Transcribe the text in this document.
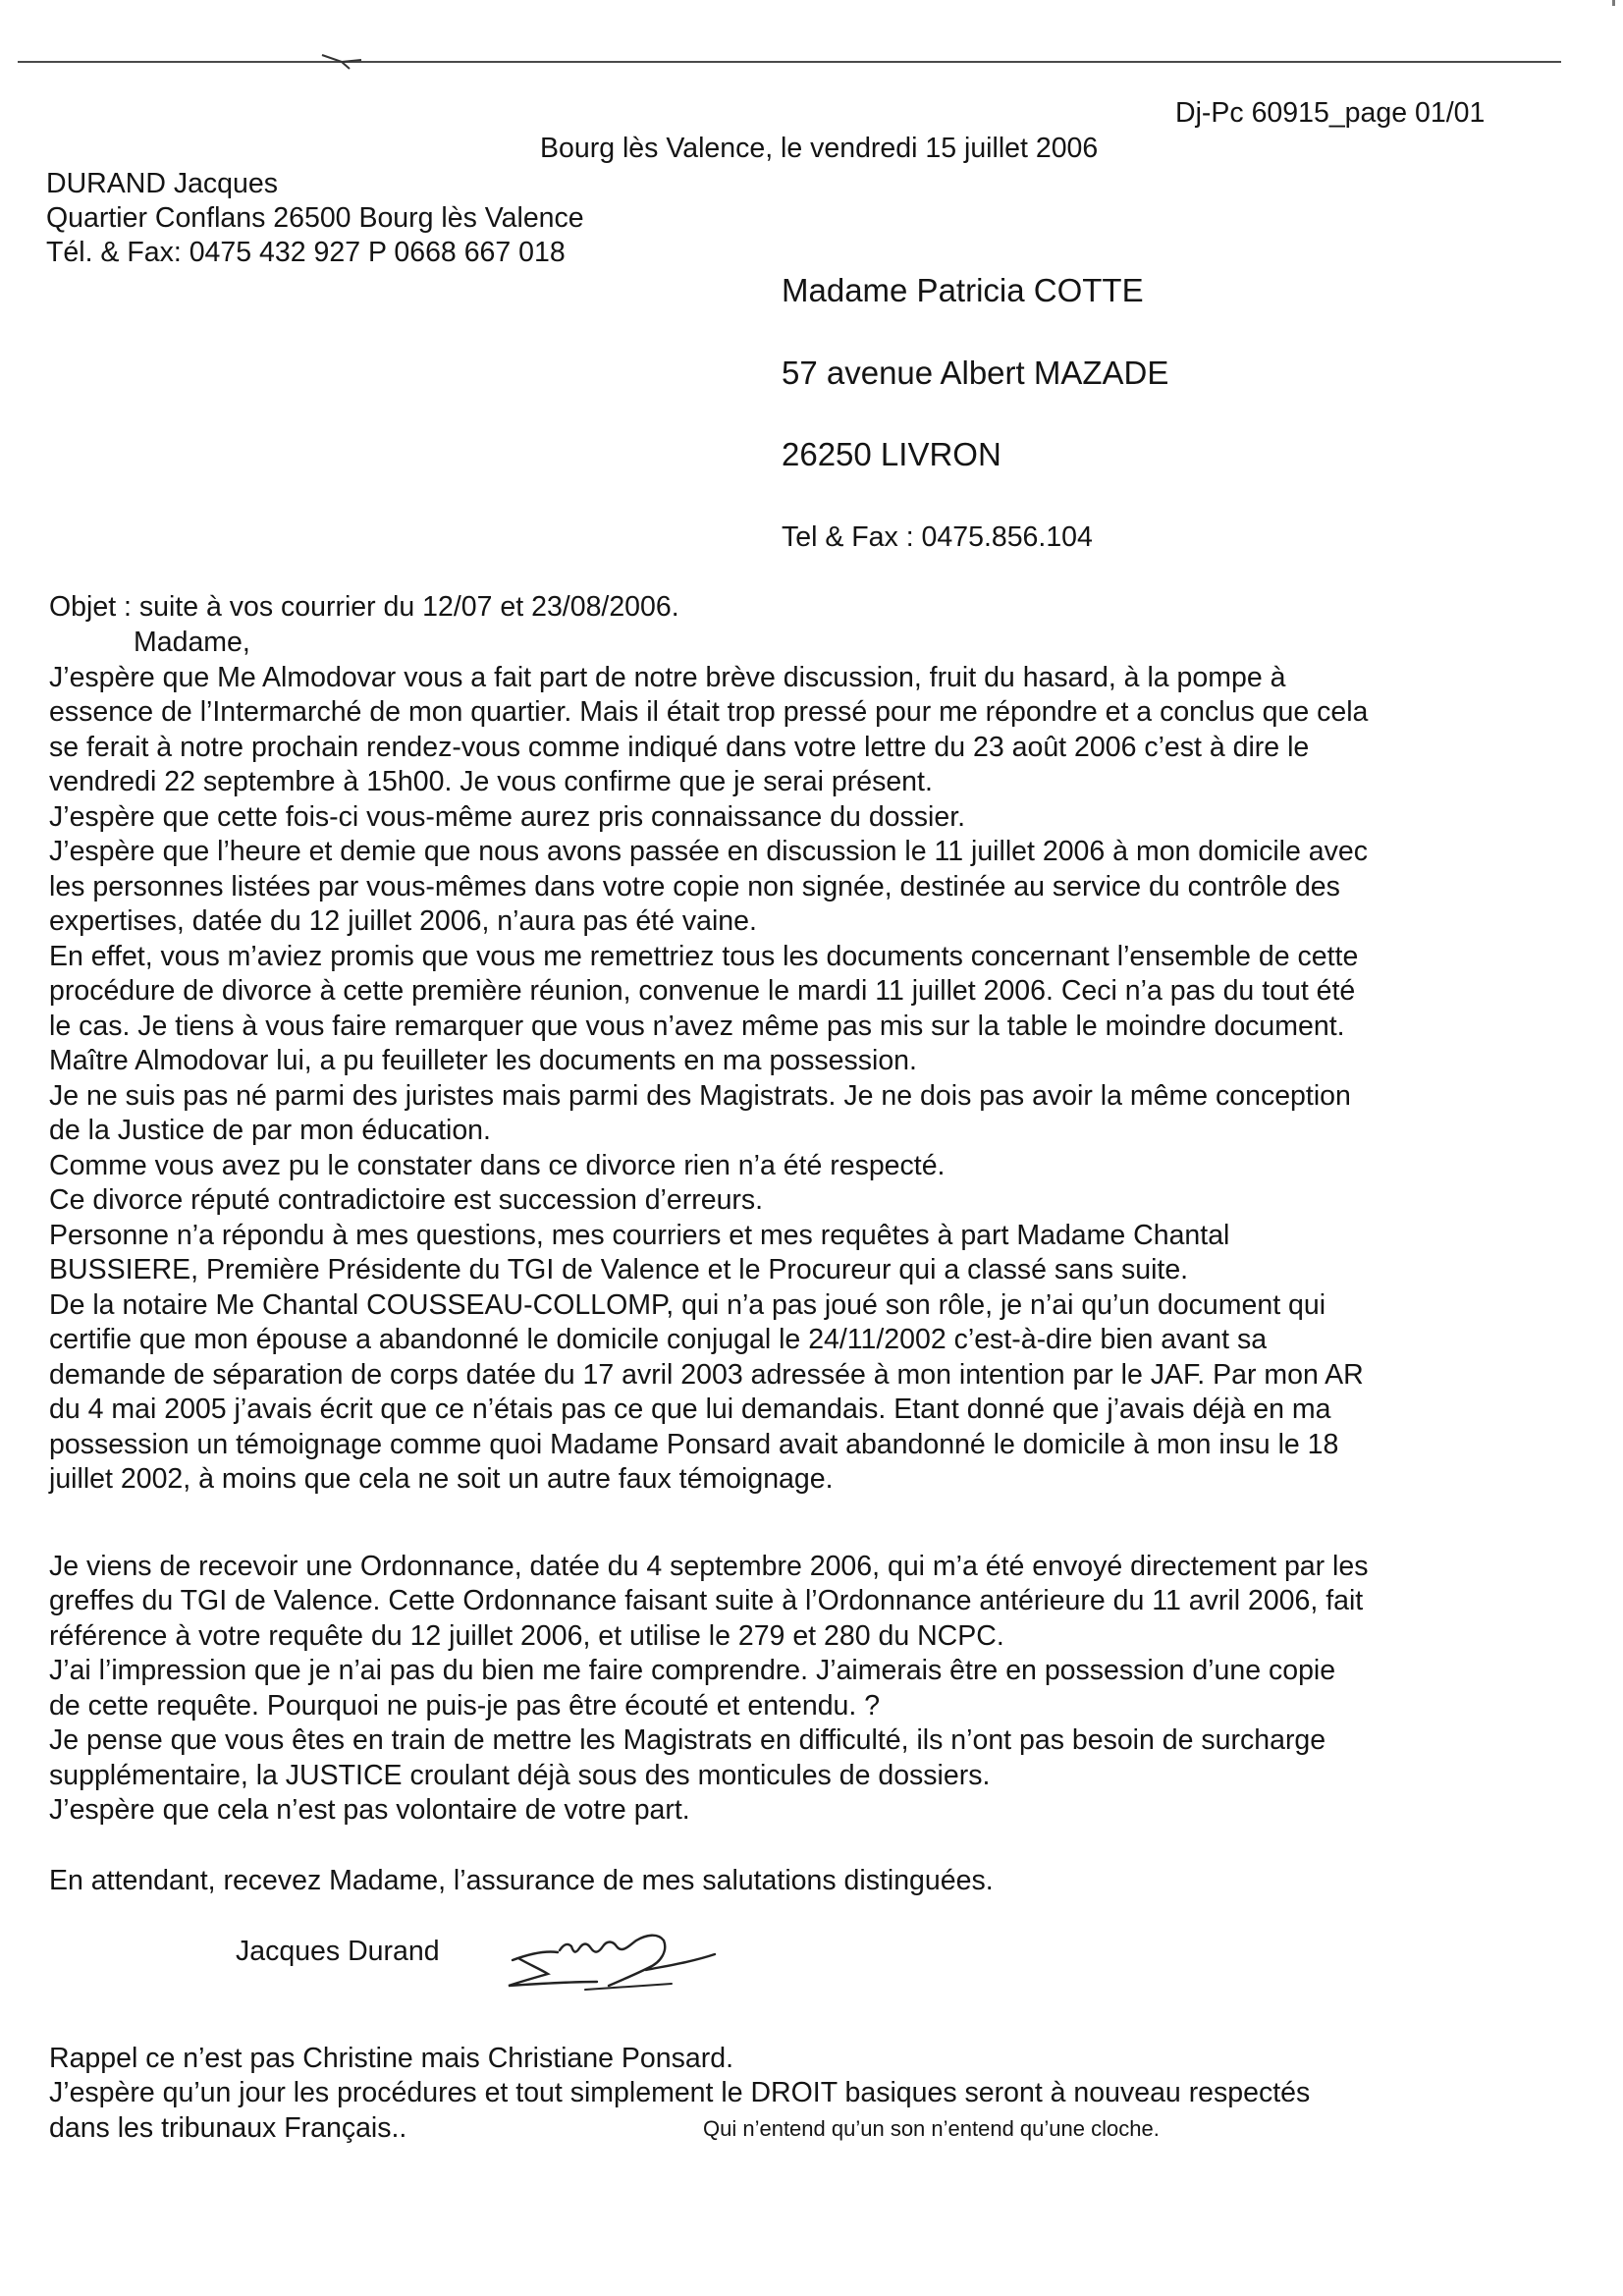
Dj-Pc 60915_page 01/01
Bourg lès Valence, le vendredi 15 juillet 2006
DURAND Jacques
Quartier Conflans 26500 Bourg lès Valence
Tél. & Fax: 0475 432 927 P 0668 667 018
Madame Patricia COTTE
57 avenue Albert MAZADE
26250 LIVRON
Tel & Fax : 0475.856.104
Objet : suite à vos courrier du 12/07 et 23/08/2006.
Madame,
J’espère que Me Almodovar vous a fait part de notre brève discussion, fruit du hasard, à la pompe à
essence de l’Intermarché de mon quartier. Mais il était trop pressé pour me répondre et a conclus que cela
se ferait à notre prochain rendez-vous comme indiqué dans votre lettre du 23 août 2006 c’est à dire le
vendredi 22 septembre à 15h00. Je vous confirme que je serai présent.
J’espère que cette fois-ci vous-même aurez pris connaissance du dossier.
J’espère que l’heure et demie que nous avons passée en discussion le 11 juillet 2006 à mon domicile avec
les personnes listées par vous-mêmes dans votre copie non signée, destinée au service du contrôle des
expertises, datée du 12 juillet 2006, n’aura pas été vaine.
En effet, vous m’aviez promis que vous me remettriez tous les documents concernant l’ensemble de cette
procédure de divorce à cette première réunion, convenue le mardi 11 juillet 2006. Ceci n’a pas du tout été
le cas. Je tiens à vous faire remarquer que vous n’avez même pas mis sur la table le moindre document.
Maître Almodovar lui, a pu feuilleter les documents en ma possession.
Je ne suis pas né parmi des juristes mais parmi des Magistrats. Je ne dois pas avoir la même conception
de la Justice de par mon éducation.
Comme vous avez pu le constater dans ce divorce rien n’a été respecté.
Ce divorce réputé contradictoire est succession d’erreurs.
Personne n’a répondu à mes questions, mes courriers et mes requêtes à part Madame Chantal
BUSSIERE, Première Présidente du TGI de Valence et le Procureur qui a classé sans suite.
De la notaire Me Chantal COUSSEAU-COLLOMP, qui n’a pas joué son rôle, je n’ai qu’un document qui
certifie que mon épouse a abandonné le domicile conjugal le 24/11/2002 c’est-à-dire bien avant sa
demande de séparation de corps datée du 17 avril 2003 adressée à mon intention par le JAF. Par mon AR
du 4 mai 2005 j’avais écrit que ce n’étais pas ce que lui demandais. Etant donné que j’avais déjà en ma
possession un témoignage comme quoi Madame Ponsard avait abandonné le domicile à mon insu le 18
juillet 2002, à moins que cela ne soit un autre faux témoignage.
Je viens de recevoir une Ordonnance, datée du 4 septembre 2006, qui m’a été envoyé directement par les
greffes du TGI de Valence. Cette Ordonnance faisant suite à l’Ordonnance antérieure du 11 avril 2006, fait
référence à votre requête du 12 juillet 2006, et utilise le 279 et 280 du NCPC.
J’ai l’impression que je n’ai pas du bien me faire comprendre. J’aimerais être en possession d’une copie
de cette requête. Pourquoi ne puis-je pas être écouté et entendu. ?
Je pense que vous êtes en train de mettre les Magistrats en difficulté, ils n’ont pas besoin de surcharge
supplémentaire, la JUSTICE croulant déjà sous des monticules de dossiers.
J’espère que cela n’est pas volontaire de votre part.
En attendant, recevez Madame, l’assurance de mes salutations distinguées.
Jacques Durand
Rappel ce n’est pas Christine mais Christiane Ponsard.
J’espère qu’un jour les procédures et tout simplement le DROIT basiques seront à nouveau respectés
dans les tribunaux Français..	Qui n’entend qu’un son n’entend qu’une cloche.
